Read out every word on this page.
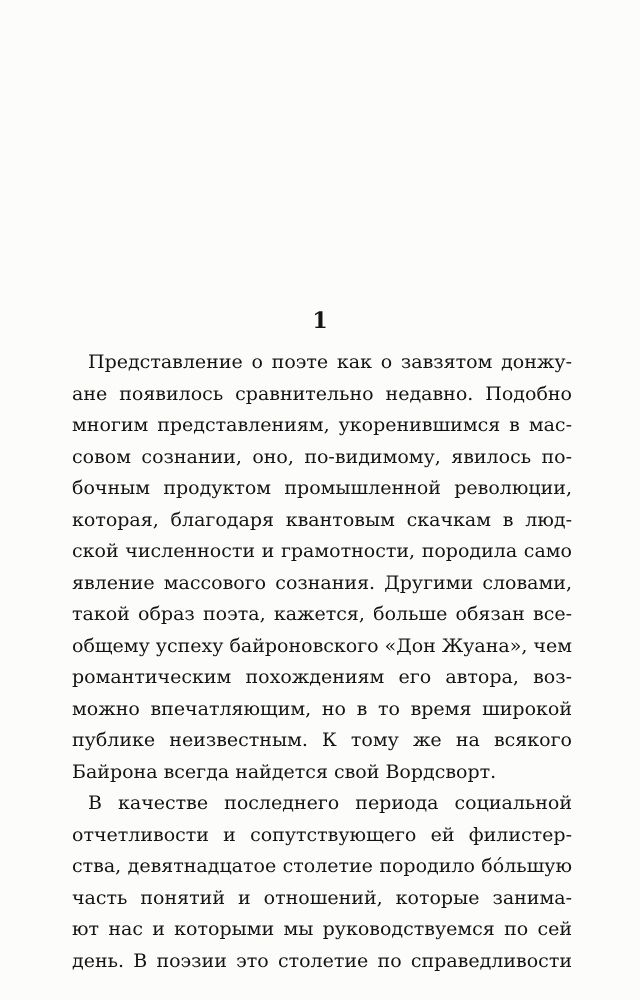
1
Представление о поэте как о завзятом донжу-
ане появилось сравнительно недавно. Подобно
многим представлениям, укоренившимся в мас-
совом сознании, оно, по-видимому, явилось по-
бочным продуктом промышленной революции,
которая, благодаря квантовым скачкам в люд-
ской численности и грамотности, породила само
явление массового сознания. Другими словами,
такой образ поэта, кажется, больше обязан все-
общему успеху байроновского «Дон Жуана», чем
романтическим похождениям его автора, воз-
можно впечатляющим, но в то время широкой
публике неизвестным. К тому же на всякого
Байрона всегда найдется свой Вордсворт.
В качестве последнего периода социальной
отчетливости и сопутствующего ей филистер-
ства, девятнадцатое столетие породило бóльшую
часть понятий и отношений, которые занима-
ют нас и которыми мы руководствуемся по сей
день. В поэзии это столетие по справедливости
